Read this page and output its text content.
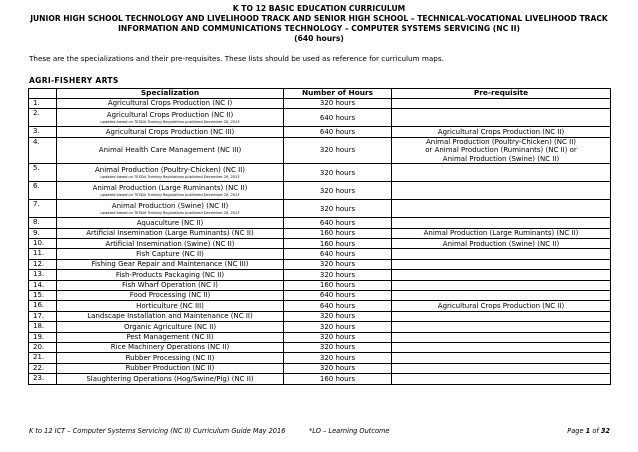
K TO 12 BASIC EDUCATION CURRICULUM
JUNIOR HIGH SCHOOL TECHNOLOGY AND LIVELIHOOD TRACK AND SENIOR HIGH SCHOOL – TECHNICAL-VOCATIONAL LIVELIHOOD TRACK
INFORMATION AND COMMUNICATIONS TECHNOLOGY – COMPUTER SYSTEMS SERVICING (NC II)
(640 hours)
These are the specializations and their pre-requisites. These lists should be used as reference for curriculum maps.
AGRI-FISHERY ARTS
	Specialization	Number of Hours	Pre-requisite
1.	Agricultural Crops Production (NC I)	320 hours	
2.	Agricultural Crops Production (NC II)
updated based on TESDA Training Regulations published December 28, 2013	640 hours	
3.	Agricultural Crops Production (NC III)	640 hours	Agricultural Crops Production (NC II)
4.	Animal Health Care Management (NC III)	320 hours	Animal Production (Poultry-Chicken) (NC II) or Animal Production (Ruminants) (NC II) or Animal Production (Swine) (NC II)
5.	Animal Production (Poultry-Chicken) (NC II)
updated based on TESDA Training Regulations published December 28, 2013	320 hours	
6.	Animal Production (Large Ruminants) (NC II)
updated based on TESDA Training Regulations published December 28, 2013	320 hours	
7.	Animal Production (Swine) (NC II)
updated based on TESDA Training Regulations published December 28, 2013	320 hours	
8.	Aquaculture (NC II)	640 hours	
9.	Artificial Insemination (Large Ruminants) (NC II)	160 hours	Animal Production (Large Ruminants) (NC II)
10.	Artificial Insemination (Swine) (NC II)	160 hours	Animal Production (Swine) (NC II)
11.	Fish Capture (NC II)	640 hours	
12.	Fishing Gear Repair and Maintenance (NC III)	320 hours	
13.	Fish-Products Packaging (NC II)	320 hours	
14.	Fish Wharf Operation (NC I)	160 hours	
15.	Food Processing (NC II)	640 hours	
16.	Horticulture (NC III)	640 hours	Agricultural Crops Production (NC II)
17.	Landscape Installation and Maintenance (NC II)	320 hours	
18.	Organic Agriculture (NC II)	320 hours	
19.	Pest Management (NC II)	320 hours	
20.	Rice Machinery Operations (NC II)	320 hours	
21.	Rubber Processing (NC II)	320 hours	
22.	Rubber Production (NC II)	320 hours	
23.	Slaughtering Operations (Hog/Swine/Pig) (NC II)	160 hours	
K to 12 ICT – Computer Systems Servicing (NC II) Curriculum Guide May 2016	*LO – Learning Outcome	Page 1 of 32
